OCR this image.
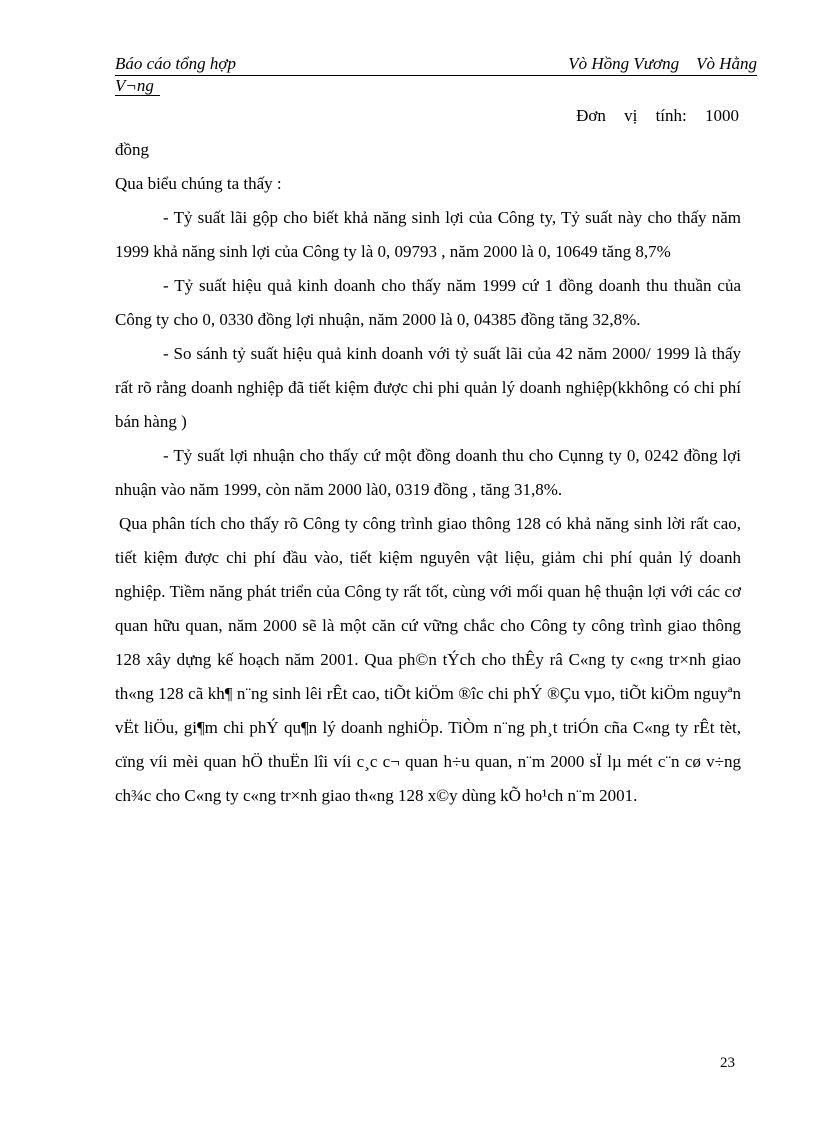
Báo cáo tổng hợp	Vò Hồng Vương    Vò Hằng
V¬ng

Đơn vị tính: 1000

đồng

Qua biểu chúng ta thấy :

- Tỷ suất lãi gộp cho biết khả năng sinh lợi của Công ty, Tỷ suất này cho thấy năm 1999 khả năng sinh lợi của Công ty là 0, 09793 , năm 2000 là 0, 10649 tăng 8,7%

- Tỷ suất hiệu quả kinh doanh cho thấy năm 1999 cứ 1 đồng doanh thu thuần của Công ty cho 0, 0330 đồng lợi nhuận, năm 2000 là 0, 04385 đồng tăng 32,8%.

- So sánh tỷ suất hiệu quả kinh doanh với tỷ suất lãi của 42 năm 2000/ 1999 là thấy rất rõ rằng doanh nghiệp đã tiết kiệm được chi phi quản lý doanh nghiệp(kkhông có chi phí bán hàng )

- Tỷ suất lợi nhuận cho thấy cứ một đồng doanh thu cho Cụnng ty 0, 0242 đồng lợi nhuận vào năm 1999, còn năm 2000 là0, 0319 đồng , tăng 31,8%.

Qua phân tích cho thấy rõ Công ty công trình giao thông 128 có khả năng sinh lời rất cao, tiết kiệm được chi phí đầu vào, tiết kiệm nguyên vật liệu, giảm chi phí quản lý doanh nghiệp. Tiềm năng phát triển của Công ty rất tốt, cùng với mối quan hệ thuận lợi với các cơ quan hữu quan, năm 2000 sẽ là một căn cứ vững chắc cho Công ty công trình giao thông 128 xây dựng kế hoạch năm 2001. Qua ph©n tÝch cho thÊy râ C«ng ty c«ng tr×nh giao th«ng 128 cã kh¶ n¨ng sinh lêi rÊt cao, tiÕt kiÖm ®îc chi phÝ ®Çu vµo, tiÕt kiÖm nguyªn vËt liÖu, gi¶m chi phÝ qu¶n lý doanh nghiÖp. TiÒm n¨ng ph¸t triÓn cña C«ng ty rÊt tèt, cïng víi mèi quan hÖ thuËn lîi víi c¸c c¬ quan h÷u quan, n¨m 2000 sÏ lµ mét c¨n cø v÷ng ch¾c cho C«ng ty c«ng tr×nh giao th«ng 128 x©y dùng kÕ ho¹ch n¨m 2001.

23
